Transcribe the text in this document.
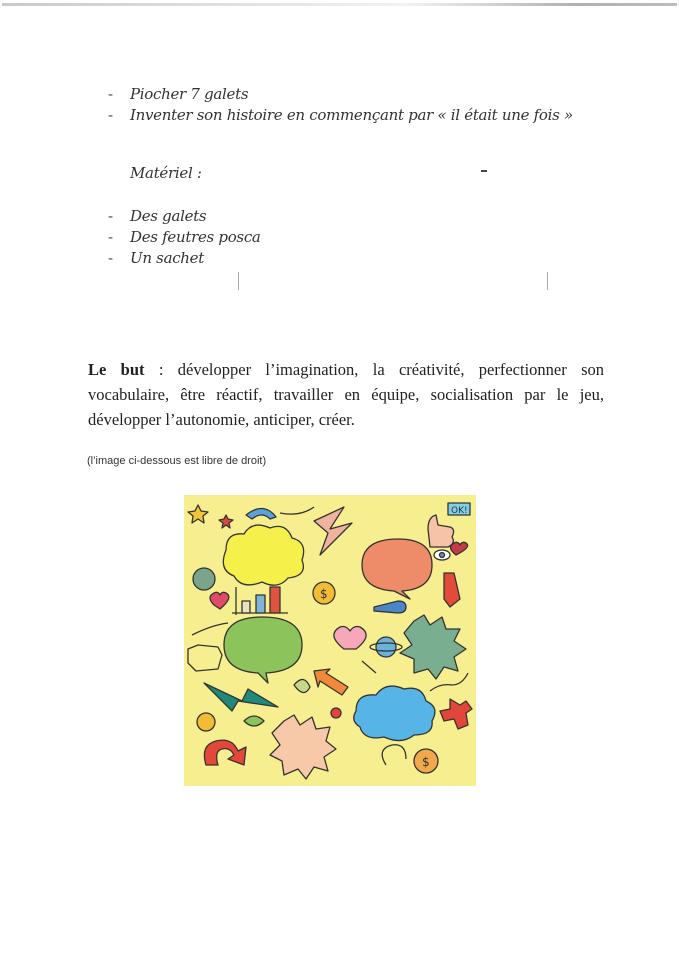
- Piocher 7 galets
- Inventer son histoire en commençant par « il était une fois »
Matériel :
- Des galets
- Des feutres posca
- Un sachet

Le but : développer l’imagination, la créativité, perfectionner son vocabulaire, être réactif, travailler en équipe, socialisation par le jeu, développer l’autonomie, anticiper, créer.

(l’image ci-dessous est libre de droit)
$
$
OK!
